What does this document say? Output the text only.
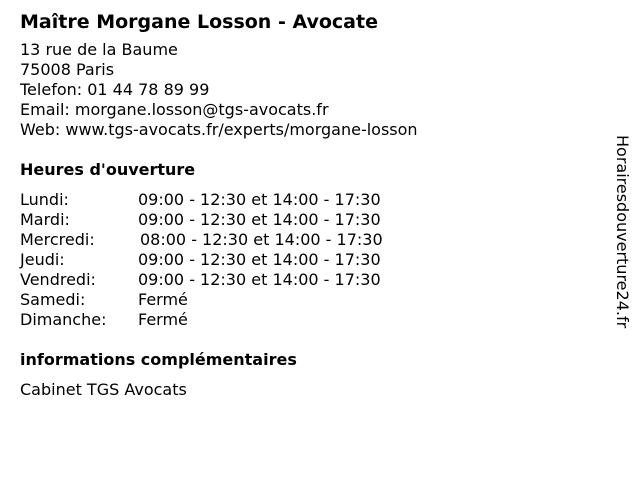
Maître Morgane Losson - Avocate
13 rue de la Baume
75008 Paris
Telefon: 01 44 78 89 99
Email: morgane.losson@tgs-avocats.fr
Web: www.tgs-avocats.fr/experts/morgane-losson
Heures d'ouverture
Lundi:	09:00 - 12:30 et 14:00 - 17:30
Mardi:	09:00 - 12:30 et 14:00 - 17:30
Mercredi:	08:00 - 12:30 et 14:00 - 17:30
Jeudi:	09:00 - 12:30 et 14:00 - 17:30
Vendredi:	09:00 - 12:30 et 14:00 - 17:30
Samedi:	Fermé
Dimanche: Fermé
informations complémentaires
Cabinet TGS Avocats
Horairesdouverture24.fr
